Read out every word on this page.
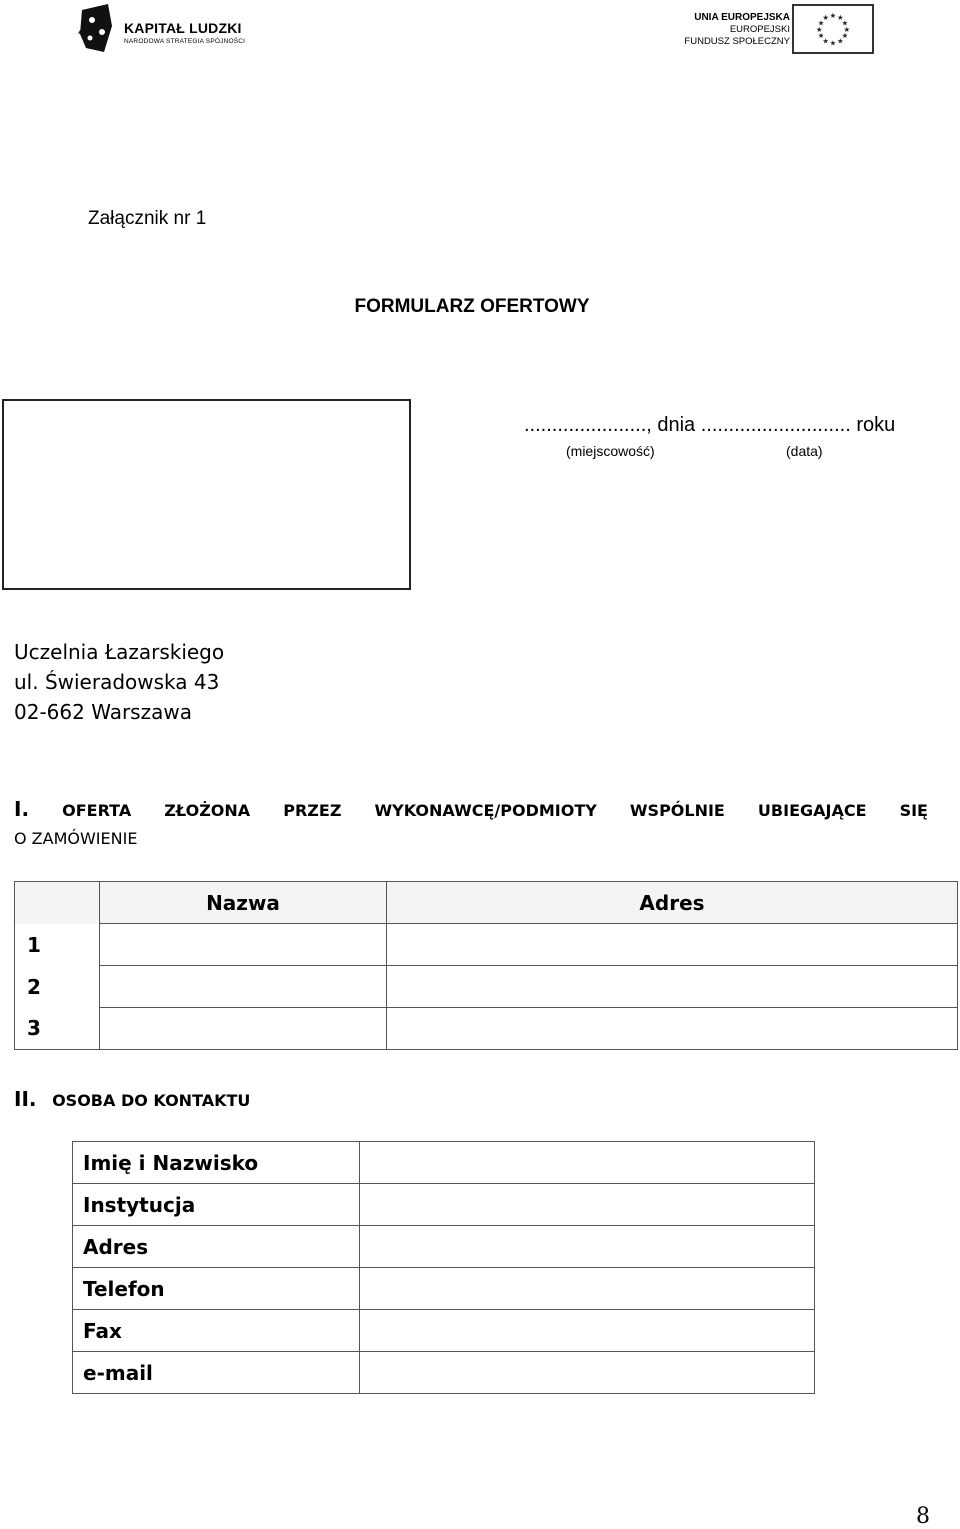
KAPITAŁ LUDZKI
NARODOWA STRATEGIA SPÓJNOŚCI
UNIA EUROPEJSKA
EUROPEJSKI
FUNDUSZ SPOŁECZNY
★ ★
★
★
★
★
★
★
★
★
★
★
Załącznik nr 1
FORMULARZ OFERTOWY
......................, dnia ........................... roku
(miejscowość)	(data)
Uczelnia Łazarskiego
ul. Świeradowska 43
02-662 Warszawa
I. OFERTA ZŁOŻONA PRZEZ WYKONAWCĘ/PODMIOTY WSPÓLNIE UBIEGAJĄCE SIĘ
O ZAMÓWIENIE
	Nazwa	Adres
1		
2		
3		
II. OSOBA DO KONTAKTU
Imię i Nazwisko	
Instytucja	
Adres	
Telefon	
Fax	
e-mail	
8
